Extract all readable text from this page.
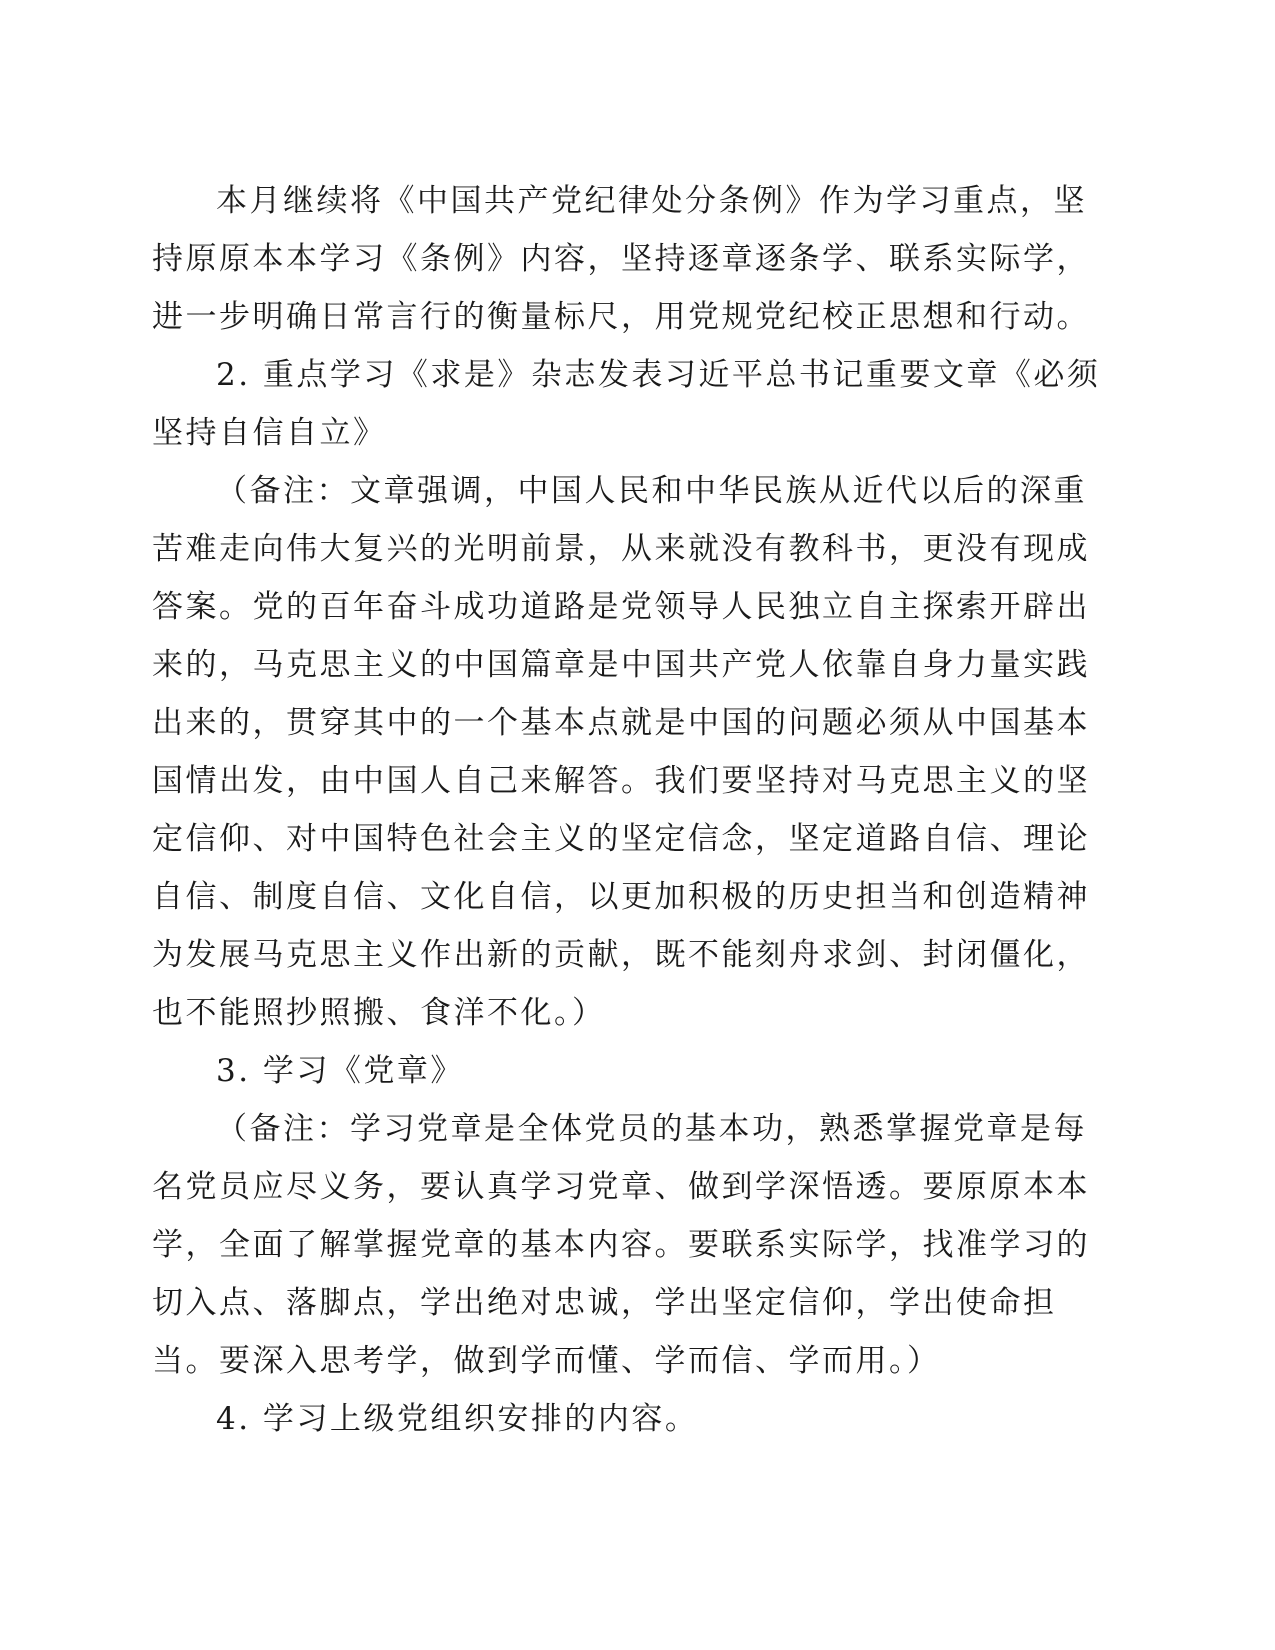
本月继续将《中国共产党纪律处分条例》作为学习重点，坚
持原原本本学习《条例》内容，坚持逐章逐条学、联系实际学，
进一步明确日常言行的衡量标尺，用党规党纪校正思想和行动。
2. 重点学习《求是》杂志发表习近平总书记重要文章《必须
坚持自信自立》
（备注：文章强调，中国人民和中华民族从近代以后的深重
苦难走向伟大复兴的光明前景，从来就没有教科书，更没有现成
答案。党的百年奋斗成功道路是党领导人民独立自主探索开辟出
来的，马克思主义的中国篇章是中国共产党人依靠自身力量实践
出来的，贯穿其中的一个基本点就是中国的问题必须从中国基本
国情出发，由中国人自己来解答。我们要坚持对马克思主义的坚
定信仰、对中国特色社会主义的坚定信念，坚定道路自信、理论
自信、制度自信、文化自信，以更加积极的历史担当和创造精神
为发展马克思主义作出新的贡献，既不能刻舟求剑、封闭僵化，
也不能照抄照搬、食洋不化。）
3. 学习《党章》
（备注：学习党章是全体党员的基本功，熟悉掌握党章是每
名党员应尽义务，要认真学习党章、做到学深悟透。要原原本本
学，全面了解掌握党章的基本内容。要联系实际学，找准学习的
切入点、落脚点，学出绝对忠诚，学出坚定信仰，学出使命担
当。要深入思考学，做到学而懂、学而信、学而用。）
4. 学习上级党组织安排的内容。
